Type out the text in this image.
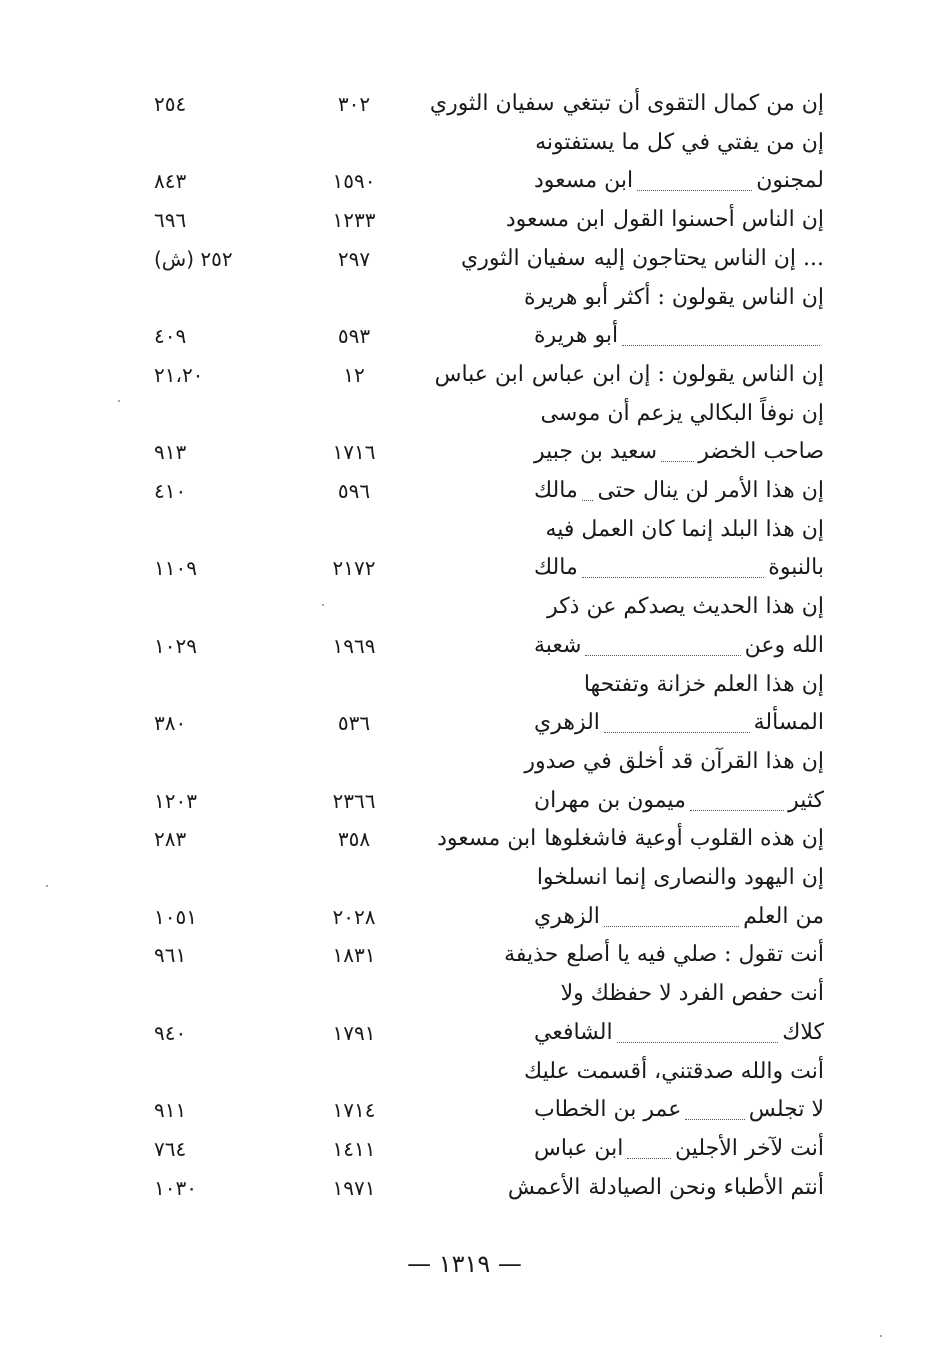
إن من كمال التقوى أن تبتغي
سفيان الثوري
٣٠٢
٢٥٤
إن من يفتي في كل ما يستفتونه
لمجنون
ابن مسعود
١٥٩٠
٨٤٣
إن الناس أحسنوا القول
ابن مسعود
١٢٣٣
٦٩٦
... إن الناس يحتاجون إليه
سفيان الثوري
٢٩٧
٢٥٢ (ش)
إن الناس يقولون : أكثر أبو هريرة
أبو هريرة
٥٩٣
٤٠٩
إن الناس يقولون : إن ابن عباس
ابن عباس
١٢
٢١،٢٠
إن نوفاً البكالي يزعم أن موسى
صاحب الخضر
سعيد بن جبير
١٧١٦
٩١٣
إن هذا الأمر لن ينال حتى
مالك
٥٩٦
٤١٠
إن هذا البلد إنما كان العمل فيه
بالنبوة
مالك
٢١٧٢
١١٠٩
إن هذا الحديث يصدكم عن ذكر
الله وعن
شعبة
١٩٦٩
١٠٢٩
إن هذا العلم خزانة وتفتحها
المسألة
الزهري
٥٣٦
٣٨٠
إن هذا القرآن قد أخلق في صدور
كثير
ميمون بن مهران
٢٣٦٦
١٢٠٣
إن هذه القلوب أوعية فاشغلوها
ابن مسعود
٣٥٨
٢٨٣
إن اليهود والنصارى إنما انسلخوا
من العلم
الزهري
٢٠٢٨
١٠٥١
أنت تقول : صلي فيه يا أصلع
حذيفة
١٨٣١
٩٦١
أنت حفص الفرد لا حفظك ولا
كلاك
الشافعي
١٧٩١
٩٤٠
أنت والله صدقتني، أقسمت عليك
لا تجلس
عمر بن الخطاب
١٧١٤
٩١١
أنت لآخر الأجلين
ابن عباس
١٤١١
٧٦٤
أنتم الأطباء ونحن الصيادلة
الأعمش
١٩٧١
١٠٣٠
— ١٣١٩ —
